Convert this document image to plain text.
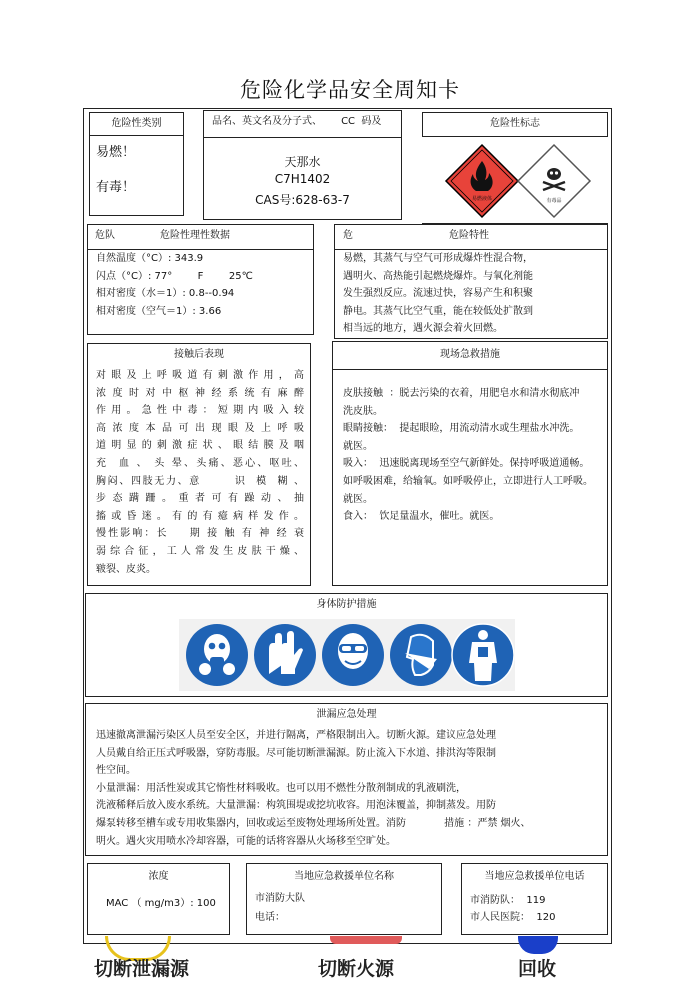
危险化学品安全周知卡
危险性类别
易燃！
有毒！
品名、英文名及分子式、      CC  码及
天那水
C7H1402
CAS号:628-63-7
危险性标志
易燃液体	有毒品
危队	危险性理性数据
自然温度（°C）: 343.9
闪点（°C）: 77°        F        25℃
相对密度（水＝1）: 0.8--0.94
相对密度（空气＝1）: 3.66
危	危险特性
易燃，其蒸气与空气可形成爆炸性混合物，
遇明火、高热能引起燃烧爆炸。与氧化剂能
发生强烈反应。流速过快，容易产生和积聚
静电。其蒸气比空气重，能在较低处扩散到
相当远的地方，遇火源会着火回燃。
接触后表现
对眼及上呼吸道有刺激作用，高
浓度时对中枢神经系统有麻醉
作用。急性中毒：短期内吸入较
高浓度本品可出现眼及上呼吸
道明显的刺激症状、眼结膜及咽
充  血 、 头 晕、头痛、恶心、呕吐、
胸闷、四肢无力、意       识  模  糊 、
步态蹒跚。重者可有躁动、抽
搐或昏迷。有的有癔病样发作。
慢性影响：长    期 接 触 有 神 经 衰
弱综合征，工人常发生皮肤干燥、
皲裂、皮炎。
现场急救措施
皮肤接触  ：脱去污染的衣着，用肥皂水和清水彻底冲
洗皮肤。
眼睛接触：  提起眼睑，用流动清水或生理盐水冲洗。
就医。
吸入：  迅速脱离现场至空气新鲜处。保持呼吸道通畅。
如呼吸困难，给输氧。如呼吸停止，立即进行人工呼吸。
就医。
食入：  饮足量温水，催吐。就医。
身体防护措施
泄漏应急处理
迅速撤离泄漏污染区人员至安全区，并进行隔离，严格限制出入。切断火源。建议应急处理
人员戴自给正压式呼吸器，穿防毒服。尽可能切断泄漏源。防止流入下水道、排洪沟等限制
性空间。
小量泄漏：用活性炭或其它惰性材料吸收。也可以用不燃性分散剂制成的乳液刷洗，
洗液稀释后放入废水系统。大量泄漏：构筑围堤或挖坑收容。用泡沫覆盖，抑制蒸发。用防
爆泵转移至槽车或专用收集器内，回收或运至废物处理场所处置。消防            措施 ：严禁 烟火、
明火。遇火灾用喷水冷却容器，可能的话将容器从火场移至空旷处。
浓度
MAC （ mg/m3）: 100
当地应急救援单位名称
市消防大队
电话：
当地应急救援单位电话
市消防队：  119
市人民医院：  120
切断泄漏源	切断火源	回收
